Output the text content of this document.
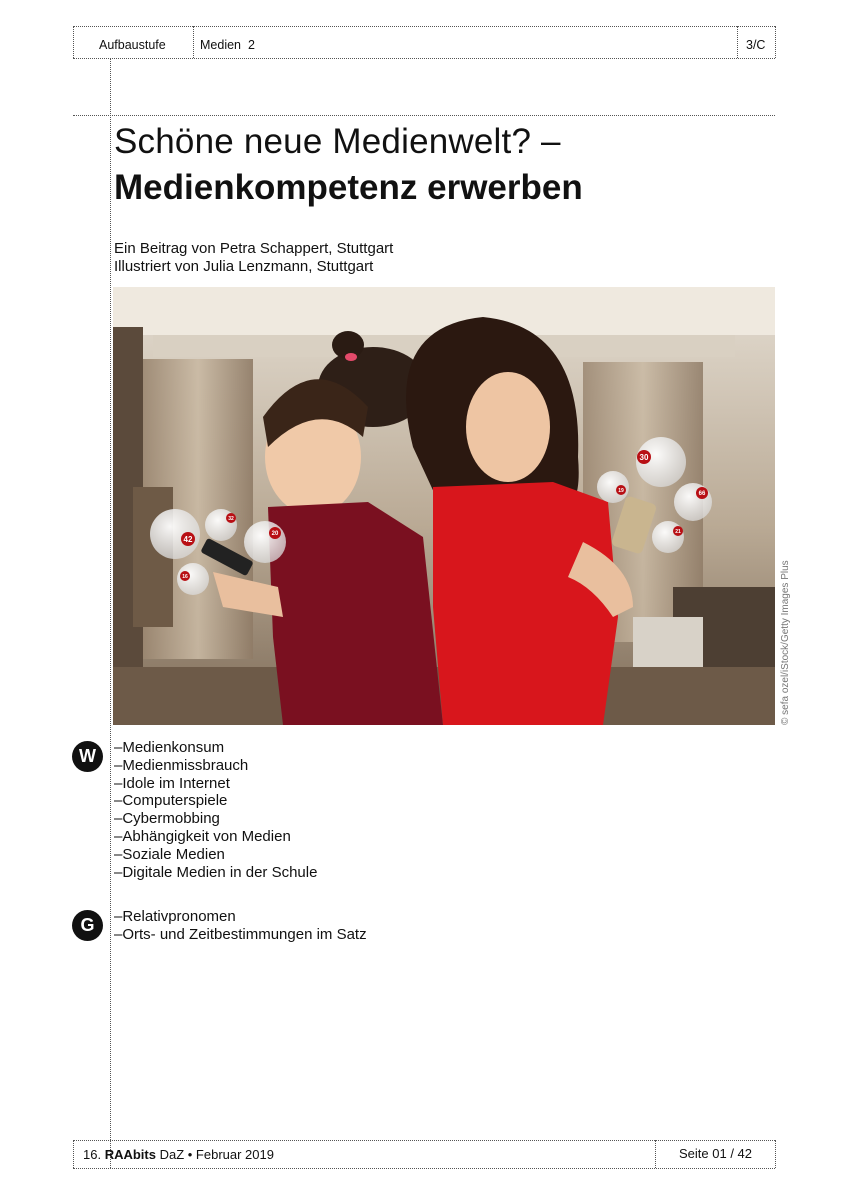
Aufbaustufe	Medien  2	3/C
Schöne neue Medienwelt? –
Medienkompetenz erwerben
Ein Beitrag von Petra Schappert, Stuttgart
Illustriert von Julia Lenzmann, Stuttgart
42
32
20
16
30
19	66
21
© sefa ozel/iStock/Getty Images Plus
W	–Medienkonsum
–Medienmissbrauch
–Idole im Internet
–Computerspiele
–Cybermobbing
–Abhängigkeit von Medien
–Soziale Medien
–Digitale Medien in der Schule
G	–Relativpronomen
–Orts- und Zeitbestimmungen im Satz
16. RAAbits DaZ • Februar 2019	Seite 01 / 42
